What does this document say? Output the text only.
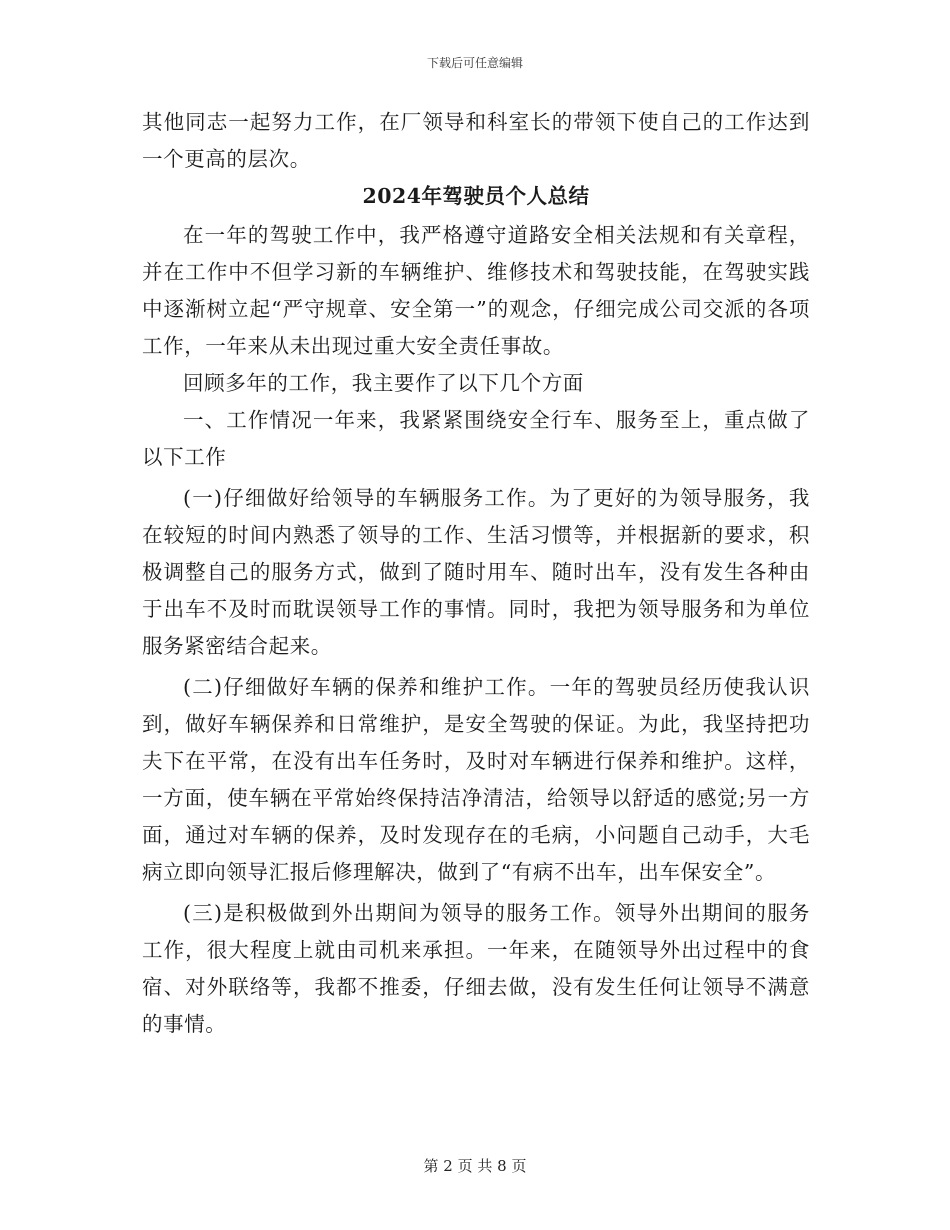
下载后可任意编辑

其他同志一起努力工作，在厂领导和科室长的带领下使自己的工作达到一个更高的层次。

2024年驾驶员个人总结

在一年的驾驶工作中，我严格遵守道路安全相关法规和有关章程，并在工作中不但学习新的车辆维护、维修技术和驾驶技能，在驾驶实践中逐渐树立起“严守规章、安全第一”的观念，仔细完成公司交派的各项工作，一年来从未出现过重大安全责任事故。

回顾多年的工作，我主要作了以下几个方面

一、工作情况一年来，我紧紧围绕安全行车、服务至上，重点做了以下工作

(一)仔细做好给领导的车辆服务工作。为了更好的为领导服务，我在较短的时间内熟悉了领导的工作、生活习惯等，并根据新的要求，积极调整自己的服务方式，做到了随时用车、随时出车，没有发生各种由于出车不及时而耽误领导工作的事情。同时，我把为领导服务和为单位服务紧密结合起来。

(二)仔细做好车辆的保养和维护工作。一年的驾驶员经历使我认识到，做好车辆保养和日常维护，是安全驾驶的保证。为此，我坚持把功夫下在平常，在没有出车任务时，及时对车辆进行保养和维护。这样，一方面，使车辆在平常始终保持洁净清洁，给领导以舒适的感觉;另一方面，通过对车辆的保养，及时发现存在的毛病，小问题自己动手，大毛病立即向领导汇报后修理解决，做到了“有病不出车，出车保安全”。

(三)是积极做到外出期间为领导的服务工作。领导外出期间的服务工作，很大程度上就由司机来承担。一年来，在随领导外出过程中的食宿、对外联络等，我都不推委，仔细去做，没有发生任何让领导不满意的事情。

第 2 页 共 8 页
